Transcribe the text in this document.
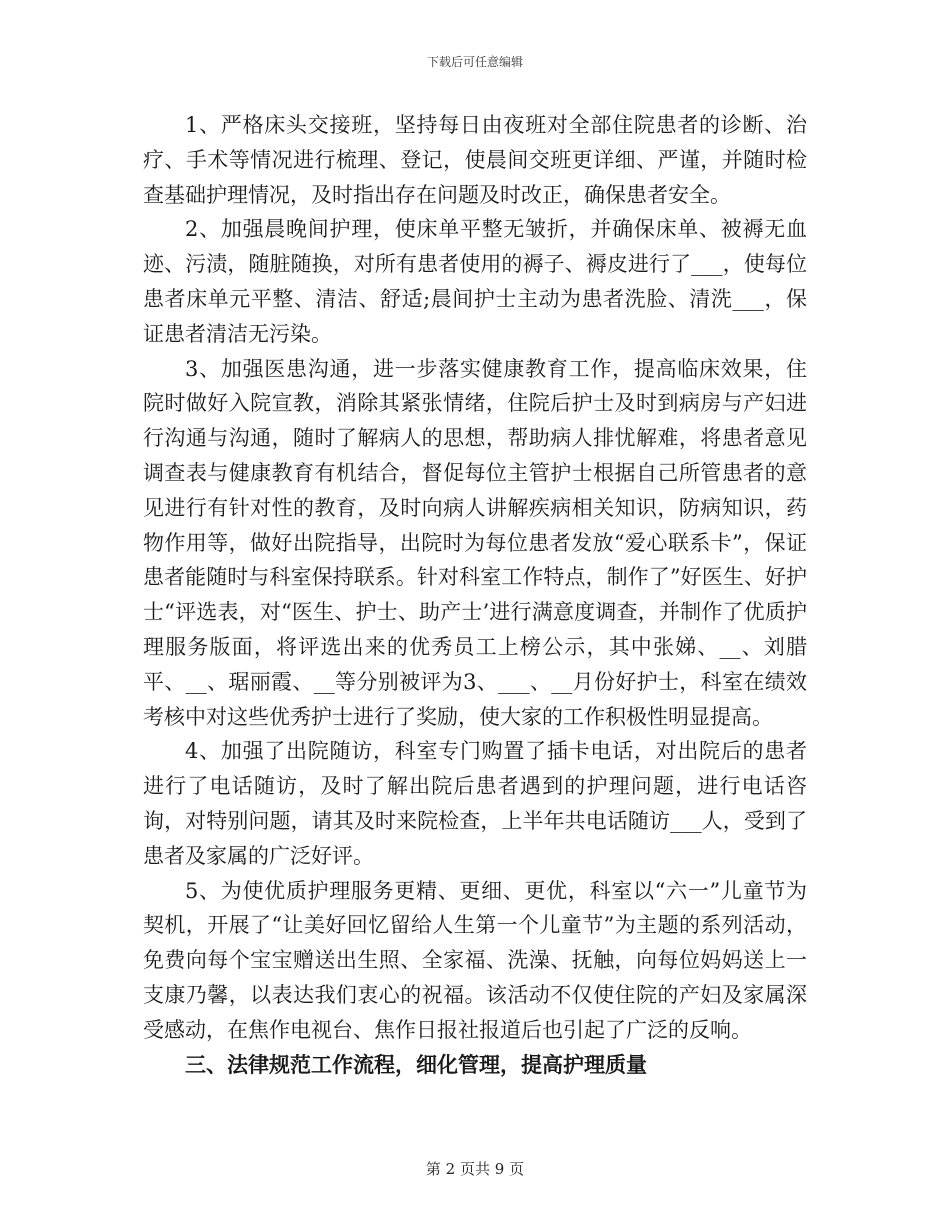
下载后可任意编辑

1、严格床头交接班，坚持每日由夜班对全部住院患者的诊断、治疗、手术等情况进行梳理、登记，使晨间交班更详细、严谨，并随时检查基础护理情况，及时指出存在问题及时改正，确保患者安全。

2、加强晨晚间护理，使床单平整无皱折，并确保床单、被褥无血迹、污渍，随脏随换，对所有患者使用的褥子、褥皮进行了___，使每位患者床单元平整、清洁、舒适;晨间护士主动为患者洗脸、清洗___，保证患者清洁无污染。

3、加强医患沟通，进一步落实健康教育工作，提高临床效果，住院时做好入院宣教，消除其紧张情绪，住院后护士及时到病房与产妇进行沟通与沟通，随时了解病人的思想，帮助病人排忧解难，将患者意见调查表与健康教育有机结合，督促每位主管护士根据自己所管患者的意见进行有针对性的教育，及时向病人讲解疾病相关知识，防病知识，药物作用等，做好出院指导，出院时为每位患者发放“爱心联系卡”，保证患者能随时与科室保持联系。针对科室工作特点，制作了”好医生、好护士“评选表，对“医生、护士、助产士’进行满意度调查，并制作了优质护理服务版面，将评选出来的优秀员工上榜公示，其中张娣、__、刘腊平、__、琚丽霞、__等分别被评为3、___、__月份好护士，科室在绩效考核中对这些优秀护士进行了奖励，使大家的工作积极性明显提高。

4、加强了出院随访，科室专门购置了插卡电话，对出院后的患者进行了电话随访，及时了解出院后患者遇到的护理问题，进行电话咨询，对特别问题，请其及时来院检查，上半年共电话随访___人，受到了患者及家属的广泛好评。

5、为使优质护理服务更精、更细、更优，科室以“六一”儿童节为契机，开展了“让美好回忆留给人生第一个儿童节”为主题的系列活动，免费向每个宝宝赠送出生照、全家福、洗澡、抚触，向每位妈妈送上一支康乃馨，以表达我们衷心的祝福。该活动不仅使住院的产妇及家属深受感动，在焦作电视台、焦作日报社报道后也引起了广泛的反响。

三、法律规范工作流程，细化管理，提高护理质量

第 2 页共 9 页
